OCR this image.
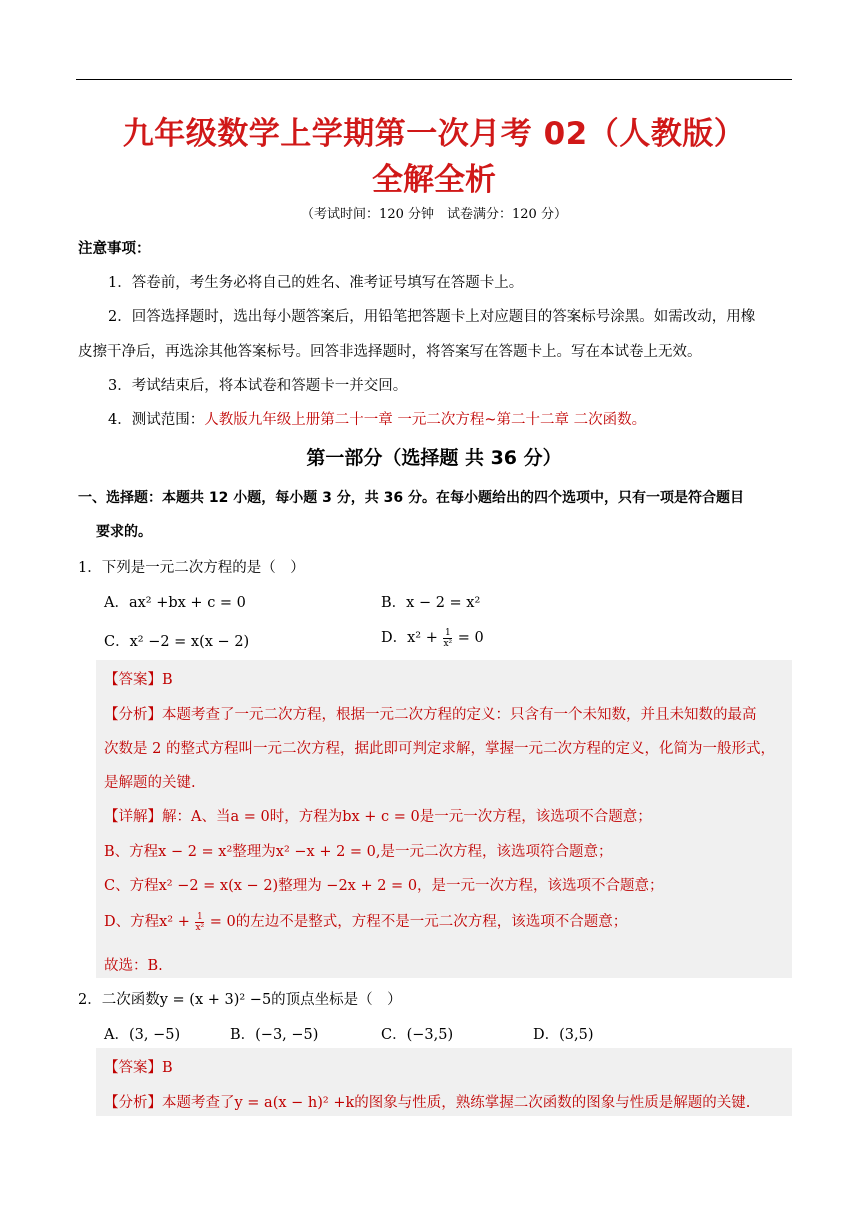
九年级数学上学期第一次月考 02（人教版）
全解全析
（考试时间：120 分钟　试卷满分：120 分）
注意事项：
1．答卷前，考生务必将自己的姓名、准考证号填写在答题卡上。
2．回答选择题时，选出每小题答案后，用铅笔把答题卡上对应题目的答案标号涂黑。如需改动，用橡
皮擦干净后，再选涂其他答案标号。回答非选择题时，将答案写在答题卡上。写在本试卷上无效。
3．考试结束后，将本试卷和答题卡一并交回。
4．测试范围：人教版九年级上册第二十一章 一元二次方程~第二十二章 二次函数。
第一部分（选择题 共 36 分）
一、选择题：本题共 12 小题，每小题 3 分，共 36 分。在每小题给出的四个选项中，只有一项是符合题目
要求的。
1．下列是一元二次方程的是（　）
A．ax² +bx + c = 0	B．x − 2 = x²
C．x² −2 = x(x − 2)	D．$x^2 + \frac{1}{\text{x²}} = 0$
【答案】B
【分析】本题考查了一元二次方程，根据一元二次方程的定义：只含有一个未知数，并且未知数的最高
次数是 2 的整式方程叫一元二次方程，据此即可判定求解，掌握一元二次方程的定义，化简为一般形式，
是解题的关键.
【详解】解：A、当a = 0时，方程为bx + c = 0是一元一次方程，该选项不合题意；
B、方程x − 2 = x²整理为x² −x + 2 = 0,是一元二次方程，该选项符合题意；
C、方程x² −2 = x(x − 2)整理为 −2x + 2 = 0，是一元一次方程，该选项不合题意；
D、方程$x^2 + \frac{1}{\text{x²}} = 0$的左边不是整式，方程不是一元二次方程，该选项不合题意；
故选：B.
2．二次函数y = (x + 3)² −5的顶点坐标是（　）
A．(3, −5)	B．(−3, −5)	C．(−3,5)	D．(3,5)
【答案】B
【分析】本题考查了y = a(x − h)² +k的图象与性质，熟练掌握二次函数的图象与性质是解题的关键.
